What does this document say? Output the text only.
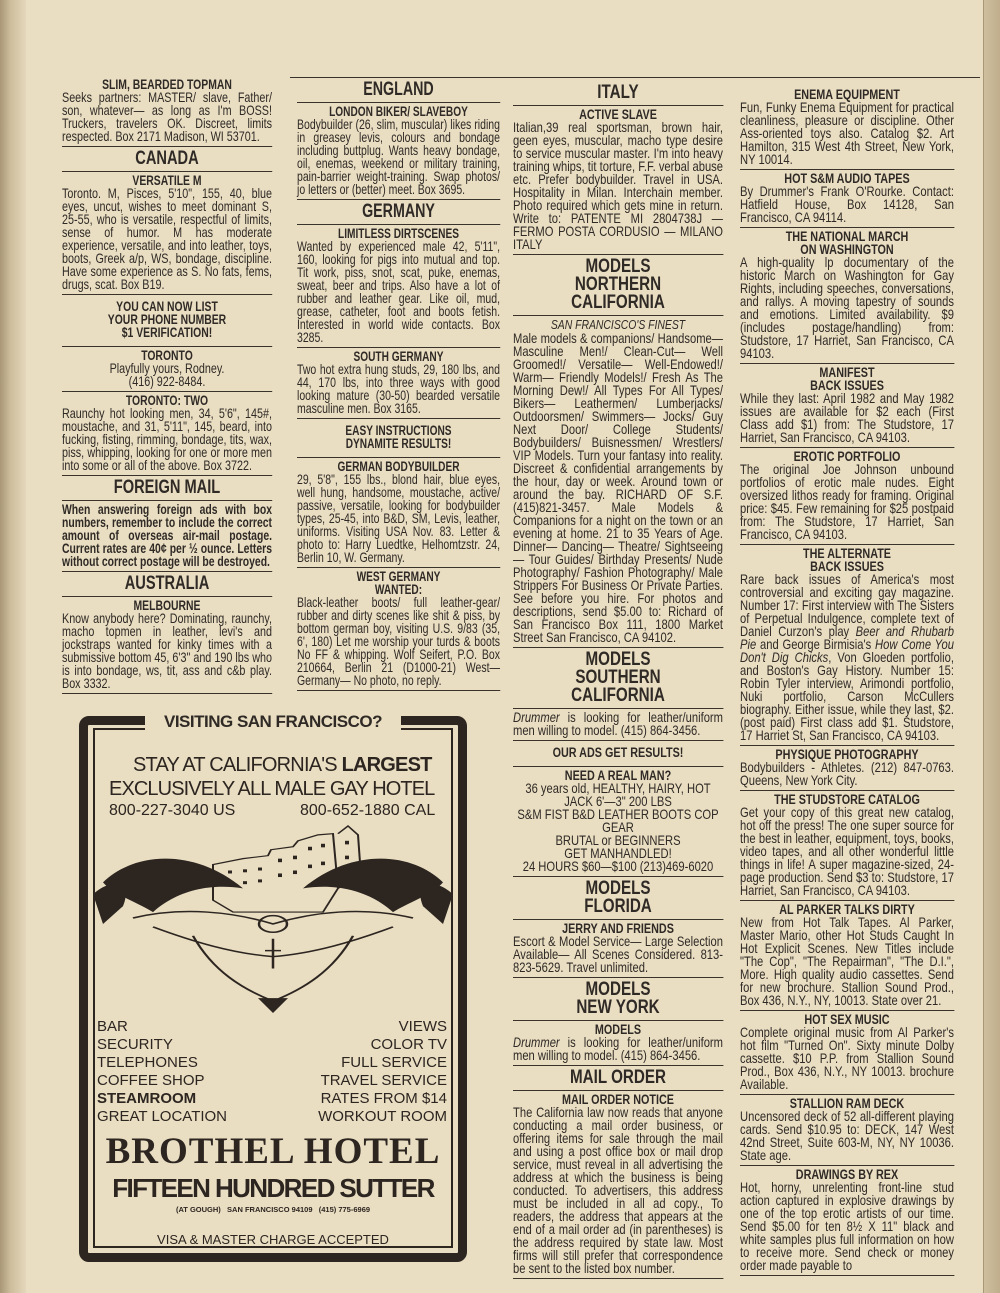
SLIM, BEARDED TOPMAN
Seeks partners: MASTER/ slave, Father/ son, whatever— as long as I'm BOSS! Truckers, travelers OK. Discreet, limits respected. Box 2171 Madison, WI 53701.
CANADA
VERSATILE M
Toronto. M, Pisces, 5'10", 155, 40, blue eyes, uncut, wishes to meet dominant S, 25-55, who is versatile, respectful of limits, sense of humor. M has moderate experience, versatile, and into leather, toys, boots, Greek a/p, WS, bondage, discipline. Have some experience as S. No fats, fems, drugs, scat. Box B19.
YOU CAN NOW LIST
YOUR PHONE NUMBER
$1 VERIFICATION!
TORONTO
Playfully yours, Rodney.
(416) 922-8484.
TORONTO: TWO
Raunchy hot looking men, 34, 5'6", 145#, moustache, and 31, 5'11", 145, beard, into fucking, fisting, rimming, bondage, tits, wax, piss, whipping, looking for one or more men into some or all of the above. Box 3722.
FOREIGN MAIL
When answering foreign ads with box numbers, remember to include the correct amount of overseas air-mail postage. Current rates are 40¢ per ½ ounce. Letters without correct postage will be destroyed.
AUSTRALIA
MELBOURNE
Know anybody here? Dominating, raunchy, macho topmen in leather, levi's and jockstraps wanted for kinky times with a submissive bottom 45, 6'3" and 190 lbs who is into bondage, ws, tit, ass and c&b play. Box 3332.
ENGLAND
LONDON BIKER/ SLAVEBOY
Bodybuilder (26, slim, muscular) likes riding in greasey levis, colours and bondage including buttplug. Wants heavy bondage, oil, enemas, weekend or military training, pain-barrier weight-training. Swap photos/ jo letters or (better) meet. Box 3695.
GERMANY
LIMITLESS DIRTSCENES
Wanted by experienced male 42, 5'11", 160, looking for pigs into mutual and top. Tit work, piss, snot, scat, puke, enemas, sweat, beer and trips. Also have a lot of rubber and leather gear. Like oil, mud, grease, catheter, foot and boots fetish. Interested in world wide contacts. Box 3285.
SOUTH GERMANY
Two hot extra hung studs, 29, 180 lbs, and 44, 170 lbs, into three ways with good looking mature (30-50) bearded versatile masculine men. Box 3165.
EASY INSTRUCTIONS
DYNAMITE RESULTS!
GERMAN BODYBUILDER
29, 5'8", 155 lbs., blond hair, blue eyes, well hung, handsome, moustache, active/ passive, versatile, looking for bodybuilder types, 25-45, into B&D, SM, Levis, leather, uniforms. Visiting USA Nov. 83. Letter & photo to: Harry Luedtke, Helhomtzstr. 24, Berlin 10, W. Germany.
WEST GERMANY
WANTED:
Black-leather boots/ full leather-gear/ rubber and dirty scenes like shit & piss, by bottom german boy, visiting U.S. 9/83 (35, 6', 180) Let me worship your turds & boots No FF & whipping. Wolf Seifert, P.O. Box 210664, Berlin 21 (D1000-21) West— Germany— No photo, no reply.
ITALY
ACTIVE SLAVE
Italian,39 real sportsman, brown hair, geen eyes, muscular, macho type desire to service muscular master. I'm into heavy training whips, tit torture, F.F. verbal abuse etc. Prefer bodybuilder. Travel in USA. Hospitality in Milan. Interchain member. Photo required which gets mine in return. Write to: PATENTE MI 2804738J — FERMO POSTA CORDUSIO — MILANO ITALY
MODELS
NORTHERN
CALIFORNIA
SAN FRANCISCO'S FINEST
Male models & companions/ Handsome— Masculine Men!/ Clean-Cut— Well Groomed!/ Versatile— Well-Endowed!/ Warm— Friendly Models!/ Fresh As The Morning Dew!/ All Types For All Types/ Bikers— Leathermen/ Lumberjacks/ Outdoorsmen/ Swimmers— Jocks/ Guy Next Door/ College Students/ Bodybuilders/ Buisnessmen/ Wrestlers/ VIP Models. Turn your fantasy into reality. Discreet & confidential arrangements by the hour, day or week. Around town or around the bay. RICHARD OF S.F. (415)821-3457. Male Models & Companions for a night on the town or an evening at home. 21 to 35 Years of Age. Dinner— Dancing— Theatre/ Sightseeing— Tour Guides/ Birthday Presents/ Nude Photography/ Fashion Photography/ Male Strippers For Business Or Private Parties. See before you hire. For photos and descriptions, send $5.00 to: Richard of San Francisco Box 111, 1800 Market Street San Francisco, CA 94102.
MODELS
SOUTHERN
CALIFORNIA
Drummer is looking for leather/uniform men willing to model. (415) 864-3456.
OUR ADS GET RESULTS!
NEED A REAL MAN?
36 years old, HEALTHY, HAIRY, HOT
JACK 6'—3" 200 LBS
S&M FIST B&D LEATHER BOOTS COP GEAR
BRUTAL or BEGINNERS
GET MANHANDLED!
24 HOURS $60—$100 (213)469-6020
MODELS
FLORIDA
JERRY AND FRIENDS
Escort & Model Service— Large Selection Available— All Scenes Considered. 813-823-5629. Travel unlimited.
MODELS
NEW YORK
MODELS
Drummer is looking for leather/uniform men willing to model. (415) 864-3456.
MAIL ORDER
MAIL ORDER NOTICE
The California law now reads that anyone conducting a mail order business, or offering items for sale through the mail and using a post office box or mail drop service, must reveal in all advertising the address at which the business is being conducted. To advertisers, this address must be included in all ad copy., To readers, the address that appears at the end of a mail order ad (in parentheses) is the address required by state law. Most firms will still prefer that correspondence be sent to the listed box number.
ENEMA EQUIPMENT
Fun, Funky Enema Equipment for practical cleanliness, pleasure or discipline. Other Ass-oriented toys also. Catalog $2. Art Hamilton, 315 West 4th Street, New York, NY 10014.
HOT S&M AUDIO TAPES
By Drummer's Frank O'Rourke. Contact: Hatfield House, Box 14128, San Francisco, CA 94114.
THE NATIONAL MARCH
ON WASHINGTON
A high-quality lp documentary of the historic March on Washington for Gay Rights, including speeches, conversations, and rallys. A moving tapestry of sounds and emotions. Limited availability. $9 (includes postage/handling) from: Studstore, 17 Harriet, San Francisco, CA 94103.
MANIFEST
BACK ISSUES
While they last: April 1982 and May 1982 issues are available for $2 each (First Class add $1) from: The Studstore, 17 Harriet, San Francisco, CA 94103.
EROTIC PORTFOLIO
The original Joe Johnson unbound portfolios of erotic male nudes. Eight oversized lithos ready for framing. Original price: $45. Few remaining for $25 postpaid from: The Studstore, 17 Harriet, San Francisco, CA 94103.
THE ALTERNATE
BACK ISSUES
Rare back issues of America's most controversial and exciting gay magazine. Number 17: First interview with The Sisters of Perpetual Indulgence, complete text of Daniel Curzon's play Beer and Rhubarb Pie and George Birmisia's How Come You Don't Dig Chicks, Von Gloeden portfolio, and Boston's Gay History. Number 15: Robin Tyler interview, Arimondi portfolio, Nuki portfolio, Carson McCullers biography. Either issue, while they last, $2. (post paid) First class add $1. Studstore, 17 Harriet St, San Francisco, CA 94103.
PHYSIQUE PHOTOGRAPHY
Bodybuilders - Athletes. (212) 847-0763. Queens, New York City.
THE STUDSTORE CATALOG
Get your copy of this great new catalog, hot off the press! The one super source for the best in leather, equipment, toys, books, video tapes, and all other wonderful little things in life! A super magazine-sized, 24-page production. Send $3 to: Studstore, 17 Harriet, San Francisco, CA 94103.
AL PARKER TALKS DIRTY
New from Hot Talk Tapes. Al Parker, Master Mario, other Hot Studs Caught In Hot Explicit Scenes. New Titles include "The Cop", "The Repairman", "The D.I.", More. High quality audio cassettes. Send for new brochure. Stallion Sound Prod., Box 436, N.Y., NY, 10013. State over 21.
HOT SEX MUSIC
Complete original music from Al Parker's hot film "Turned On". Sixty minute Dolby cassette. $10 P.P. from Stallion Sound Prod., Box 436, N.Y., NY 10013. brochure Available.
STALLION RAM DECK
Uncensored deck of 52 all-different playing cards. Send $10.95 to: DECK, 147 West 42nd Street, Suite 603-M, NY, NY 10036. State age.
DRAWINGS BY REX
Hot, horny, unrelenting front-line stud action captured in explosive drawings by one of the top erotic artists of our time. Send $5.00 for ten 8½ X 11" black and white samples plus full information on how to receive more. Send check or money order made payable to
VISITING SAN FRANCISCO?
STAY AT CALIFORNIA'S LARGEST
EXCLUSIVELY ALL MALE GAY HOTEL
800-227-3040 US	800-652-1880 CAL
BAR
SECURITY
TELEPHONES
COFFEE SHOP
STEAMROOM
GREAT LOCATION
VIEWS
COLOR TV
FULL SERVICE
TRAVEL SERVICE
RATES FROM $14
WORKOUT ROOM
BROTHEL HOTEL
FIFTEEN HUNDRED SUTTER
(AT GOUGH)   SAN FRANCISCO 94109   (415) 775-6969
VISA & MASTER CHARGE ACCEPTED
